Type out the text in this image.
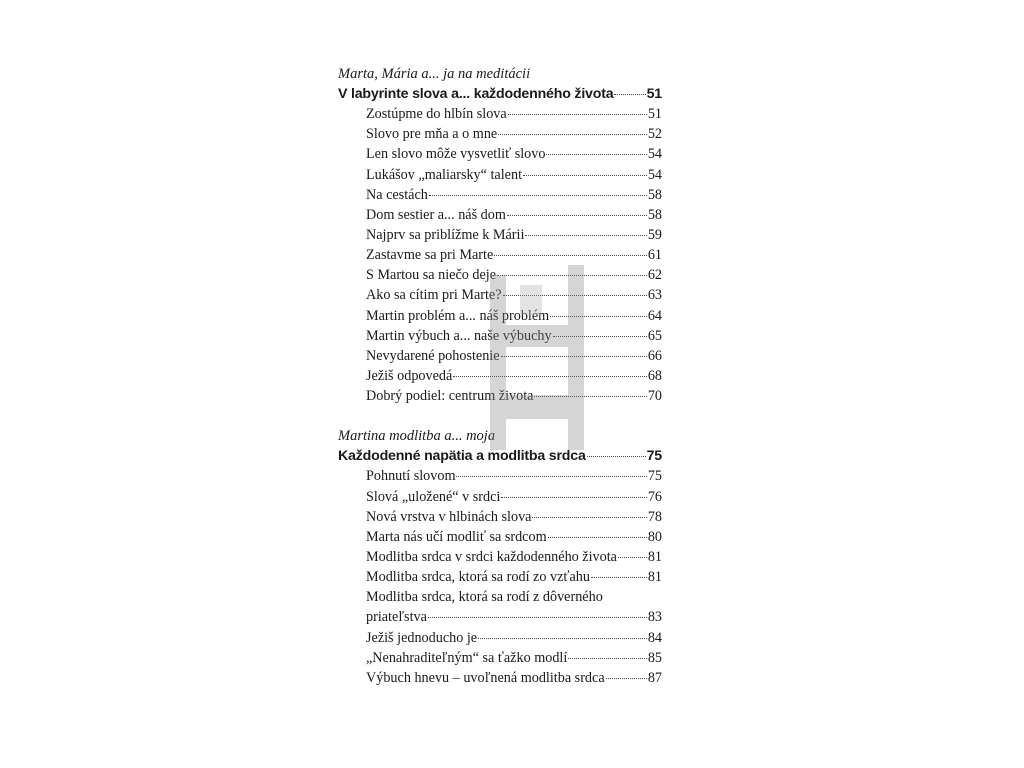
Marta, Mária a... ja na meditácii
V labyrinte slova a... každodenného života 51
Zostúpme do hlbín slova	51
Slovo pre mňa a o mne	52
Len slovo môže vysvetliť slovo	54
Lukášov „maliarsky“ talent	54
Na cestách	58
Dom sestier a... náš dom	58
Najprv sa priblížme k Márii	59
Zastavme sa pri Marte	61
S Martou sa niečo deje	62
Ako sa cítim pri Marte?	63
Martin problém a... náš problém	64
Martin výbuch a... naše výbuchy	65
Nevydarené pohostenie	66
Ježiš odpovedá	68
Dobrý podiel: centrum života	70
Martina modlitba a... moja
Každodenné napätia a modlitba srdca	75
Pohnutí slovom	75
Slová „uložené“ v srdci	76
Nová vrstva v hlbinách slova	78
Marta nás učí modliť sa srdcom	80
Modlitba srdca v srdci každodenného života 81
Modlitba srdca, ktorá sa rodí zo vzťahu	81
Modlitba srdca, ktorá sa rodí z dôverného
priateľstva	83
Ježiš jednoducho je	84
„Nenahraditeľným“ sa ťažko modlí	85
Výbuch hnevu – uvoľnená modlitba srdca	87
